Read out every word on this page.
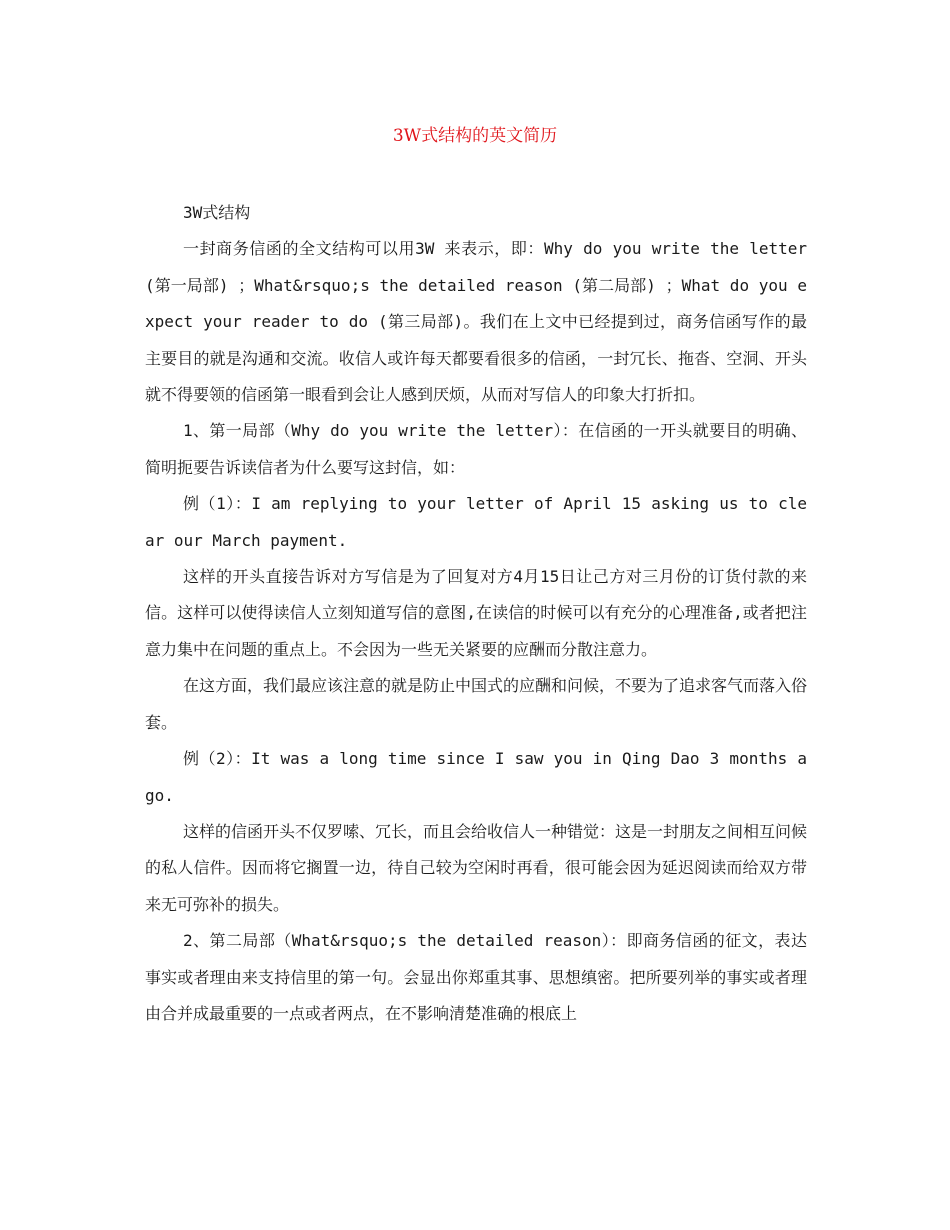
3W式结构的英文简历

3W式结构

一封商务信函的全文结构可以用3W 来表示，即：Why do you write the letter (第一局部) ；What&rsquo;s the detailed reason (第二局部) ；What do you expect your reader to do (第三局部)。我们在上文中已经提到过，商务信函写作的最主要目的就是沟通和交流。收信人或许每天都要看很多的信函，一封冗长、拖沓、空洞、开头就不得要领的信函第一眼看到会让人感到厌烦，从而对写信人的印象大打折扣。

1、第一局部（Why do you write the letter）：在信函的一开头就要目的明确、简明扼要告诉读信者为什么要写这封信，如：

例（1）：I am replying to your letter of April 15 asking us to clear our March payment.

这样的开头直接告诉对方写信是为了回复对方4月15日让己方对三月份的订货付款的来信。这样可以使得读信人立刻知道写信的意图,在读信的时候可以有充分的心理准备,或者把注意力集中在问题的重点上。不会因为一些无关紧要的应酬而分散注意力。

在这方面，我们最应该注意的就是防止中国式的应酬和问候，不要为了追求客气而落入俗套。

例（2）：It was a long time since I saw you in Qing Dao 3 months ago.

这样的信函开头不仅罗嗦、冗长，而且会给收信人一种错觉：这是一封朋友之间相互问候的私人信件。因而将它搁置一边，待自己较为空闲时再看，很可能会因为延迟阅读而给双方带来无可弥补的损失。

2、第二局部（What&rsquo;s the detailed reason）：即商务信函的征文，表达事实或者理由来支持信里的第一句。会显出你郑重其事、思想缜密。把所要列举的事实或者理由合并成最重要的一点或者两点，在不影响清楚准确的根底上
